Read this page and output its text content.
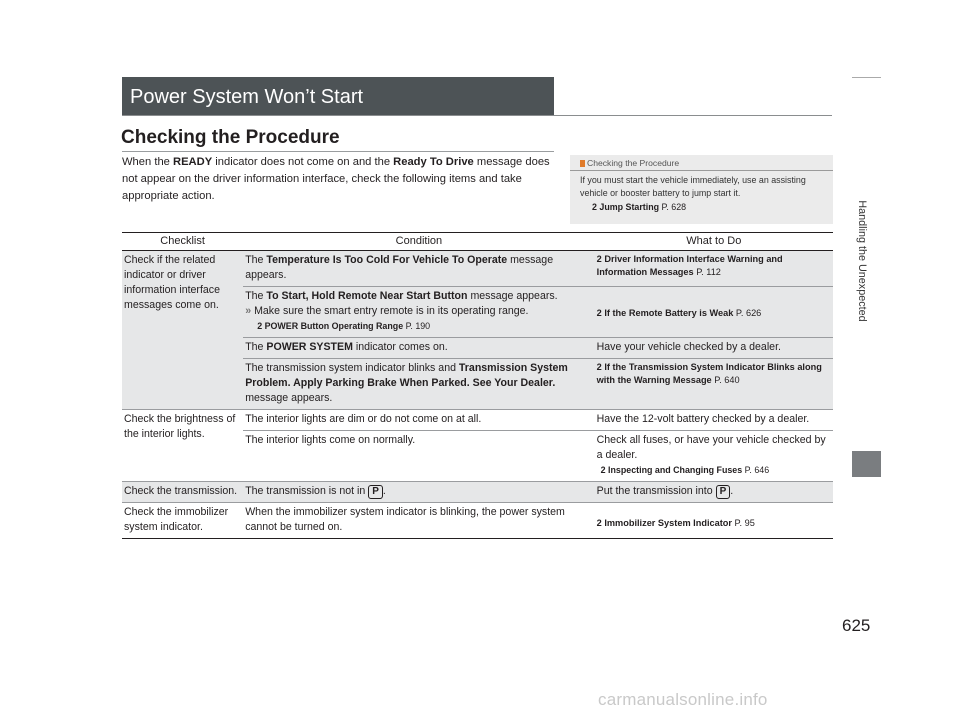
Power System Won’t Start
Checking the Procedure
When the READY indicator does not come on and the Ready To Drive message does not appear on the driver information interface, check the following items and take appropriate action.
Checking the Procedure
If you must start the vehicle immediately, use an assisting vehicle or booster battery to jump start it.
2 Jump Starting P. 628
Checklist	Condition	What to Do
Check if the related indicator or driver information interface messages come on.	The Temperature Is Too Cold For Vehicle To Operate message appears.	2 Driver Information Interface Warning and Information Messages P. 112
	The To Start, Hold Remote Near Start Button message appears.
» Make sure the smart entry remote is in its operating range.
2 POWER Button Operating Range P. 190	2 If the Remote Battery is Weak P. 626
	The POWER SYSTEM indicator comes on.	Have your vehicle checked by a dealer.
	The transmission system indicator blinks and Transmission System Problem. Apply Parking Brake When Parked. See Your Dealer. message appears.	2 If the Transmission System Indicator Blinks along with the Warning Message P. 640
Check the brightness of the interior lights.	The interior lights are dim or do not come on at all.	Have the 12-volt battery checked by a dealer.
	The interior lights come on normally.	Check all fuses, or have your vehicle checked by a dealer.
2 Inspecting and Changing Fuses P. 646

Check the transmission.	The transmission is not in P .	Put the transmission into P .
Check the immobilizer system indicator.	When the immobilizer system indicator is blinking, the power system cannot be turned on.	2 Immobilizer System Indicator P. 95
Handling the Unexpected
625
carmanualsonline.info
